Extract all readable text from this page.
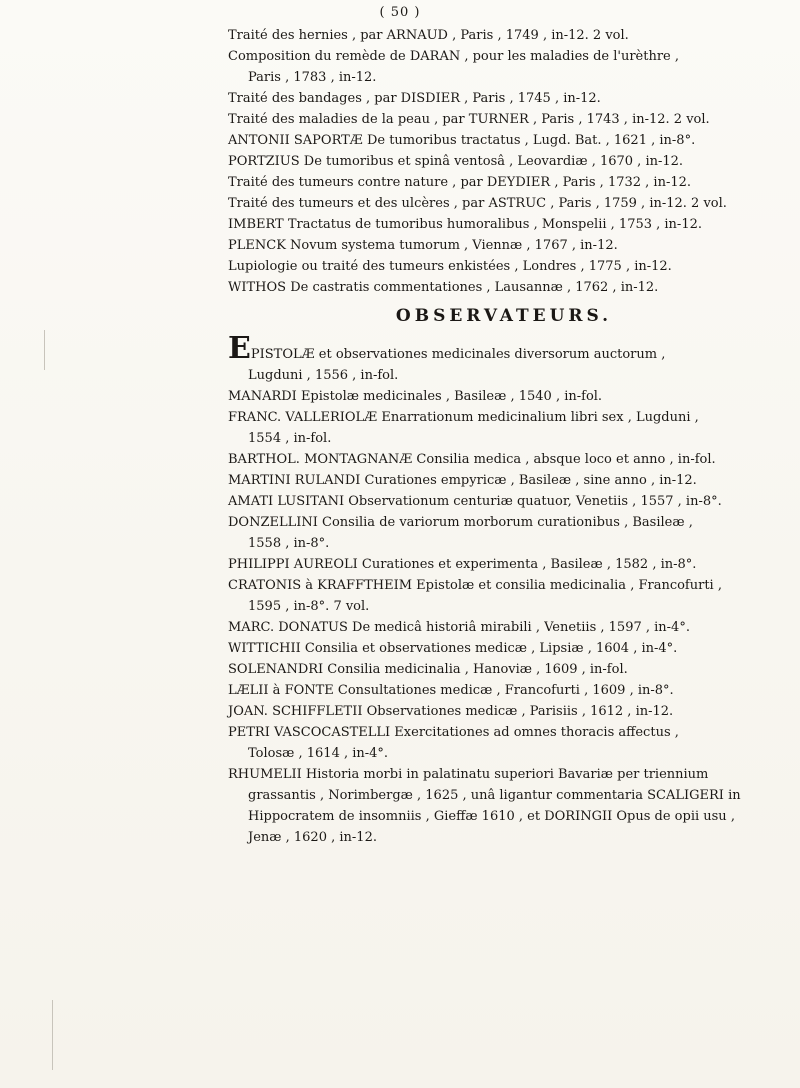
( 50 )
Traité des hernies , par ARNAUD , Paris , 1749 , in-12. 2 vol.
Composition du remède de DARAN , pour les maladies de l'urèthre ,
Paris , 1783 , in-12.
Traité des bandages , par DISDIER , Paris , 1745 , in-12.
Traité des maladies de la peau , par TURNER , Paris , 1743 , in-12. 2 vol.
ANTONII SAPORTÆ De tumoribus tractatus , Lugd. Bat. , 1621 , in-8°.
PORTZIUS De tumoribus et spinâ ventosâ , Leovardiæ , 1670 , in-12.
Traité des tumeurs contre nature , par DEYDIER , Paris , 1732 , in-12.
Traité des tumeurs et des ulcères , par ASTRUC , Paris , 1759 , in-12. 2 vol.
IMBERT Tractatus de tumoribus humoralibus , Monspelii , 1753 , in-12.
PLENCK Novum systema tumorum , Viennæ , 1767 , in-12.
Lupiologie ou traité des tumeurs enkistées , Londres , 1775 , in-12.
WITHOS De castratis commentationes , Lausannæ , 1762 , in-12.
OBSERVATEURS.
EPISTOLÆ et observationes medicinales diversorum auctorum ,
Lugduni , 1556 , in-fol.
MANARDI Epistolæ medicinales , Basileæ , 1540 , in-fol.
FRANC. VALLERIOLÆ Enarrationum medicinalium libri sex , Lugduni ,
1554 , in-fol.
BARTHOL. MONTAGNANÆ Consilia medica , absque loco et anno , in-fol.
MARTINI RULANDI Curationes empyricæ , Basileæ , sine anno , in-12.
AMATI LUSITANI Observationum centuriæ quatuor, Venetiis , 1557 , in-8°.
DONZELLINI Consilia de variorum morborum curationibus , Basileæ ,
1558 , in-8°.
PHILIPPI AUREOLI Curationes et experimenta , Basileæ , 1582 , in-8°.
CRATONIS à KRAFFTHEIM Epistolæ et consilia medicinalia , Francofurti ,
1595 , in-8°. 7 vol.
MARC. DONATUS De medicâ historiâ mirabili , Venetiis , 1597 , in-4°.
WITTICHII Consilia et observationes medicæ , Lipsiæ , 1604 , in-4°.
SOLENANDRI Consilia medicinalia , Hanoviæ , 1609 , in-fol.
LÆLII à FONTE Consultationes medicæ , Francofurti , 1609 , in-8°.
JOAN. SCHIFFLETII Observationes medicæ , Parisiis , 1612 , in-12.
PETRI VASCOCASTELLI Exercitationes ad omnes thoracis affectus ,
Tolosæ , 1614 , in-4°.
RHUMELII Historia morbi in palatinatu superiori Bavariæ per triennium
grassantis , Norimbergæ , 1625 , unâ ligantur commentaria SCALIGERI in
Hippocratem de insomniis , Gieffæ 1610 , et DORINGII Opus de opii usu ,
Jenæ , 1620 , in-12.
